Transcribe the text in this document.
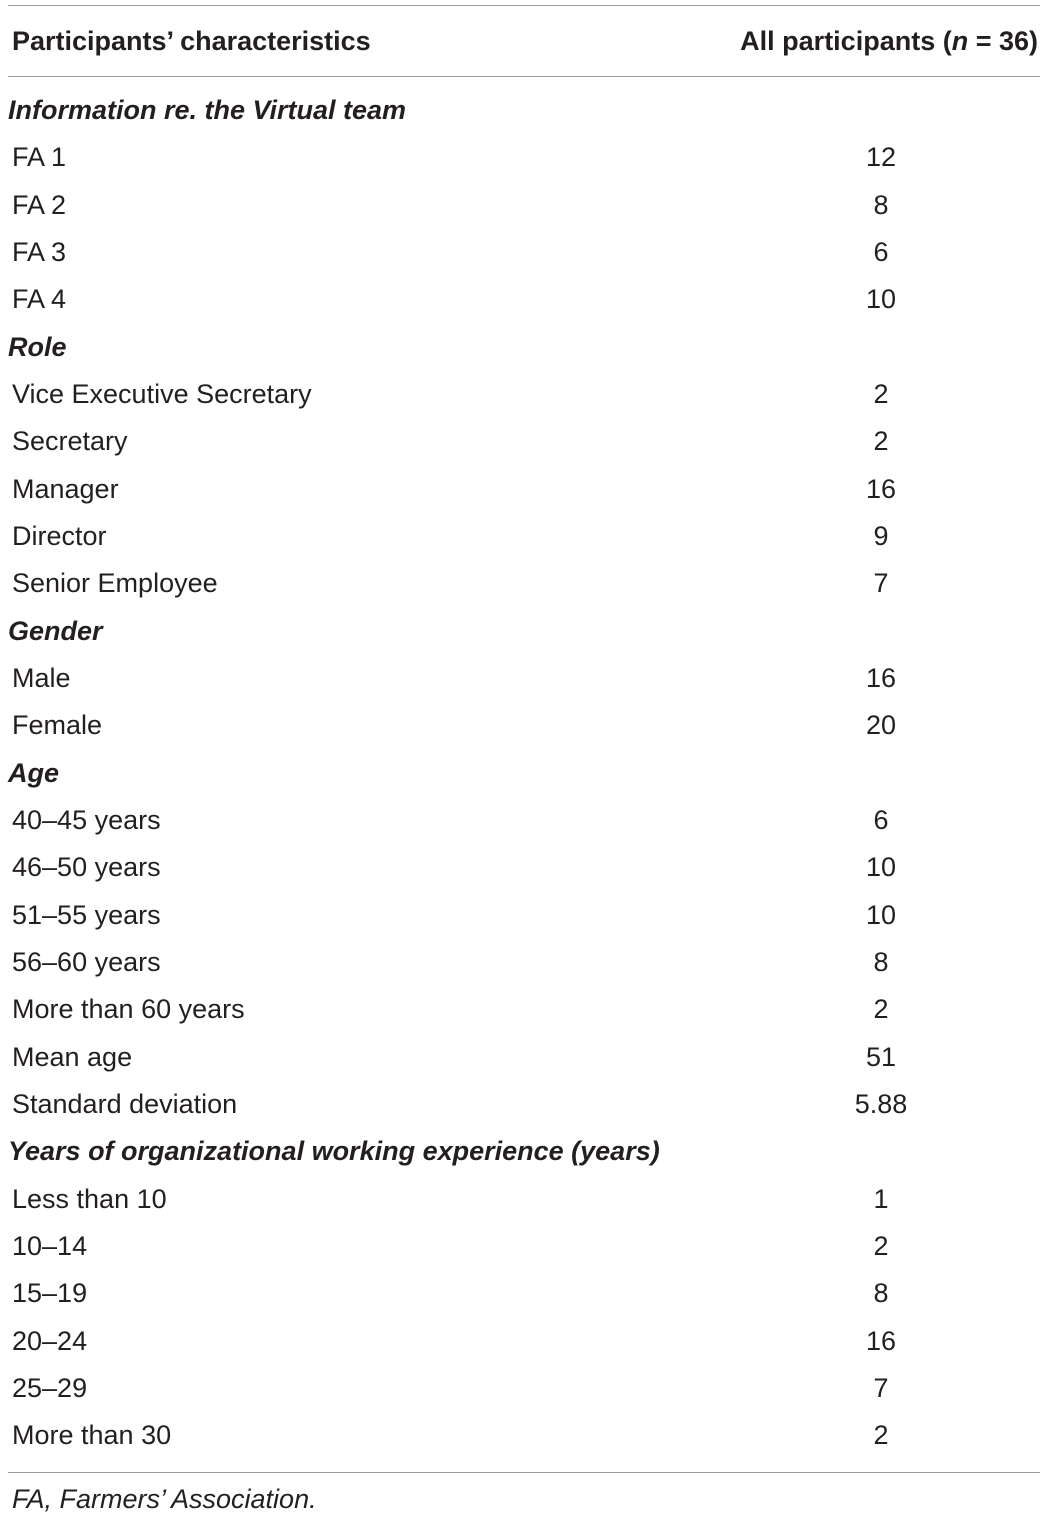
Participants’ characteristics	All participants (n = 36)
Information re. the Virtual team
FA 1	12
FA 2	8
FA 3	6
FA 4	10
Role
Vice Executive Secretary	2
Secretary	2
Manager	16
Director	9
Senior Employee	7
Gender
Male	16
Female	20
Age
40–45 years	6
46–50 years	10
51–55 years	10
56–60 years	8
More than 60 years	2
Mean age	51
Standard deviation	5.88
Years of organizational working experience (years)
Less than 10	1
10–14	2
15–19	8
20–24	16
25–29	7
More than 30	2
FA, Farmers’ Association.
